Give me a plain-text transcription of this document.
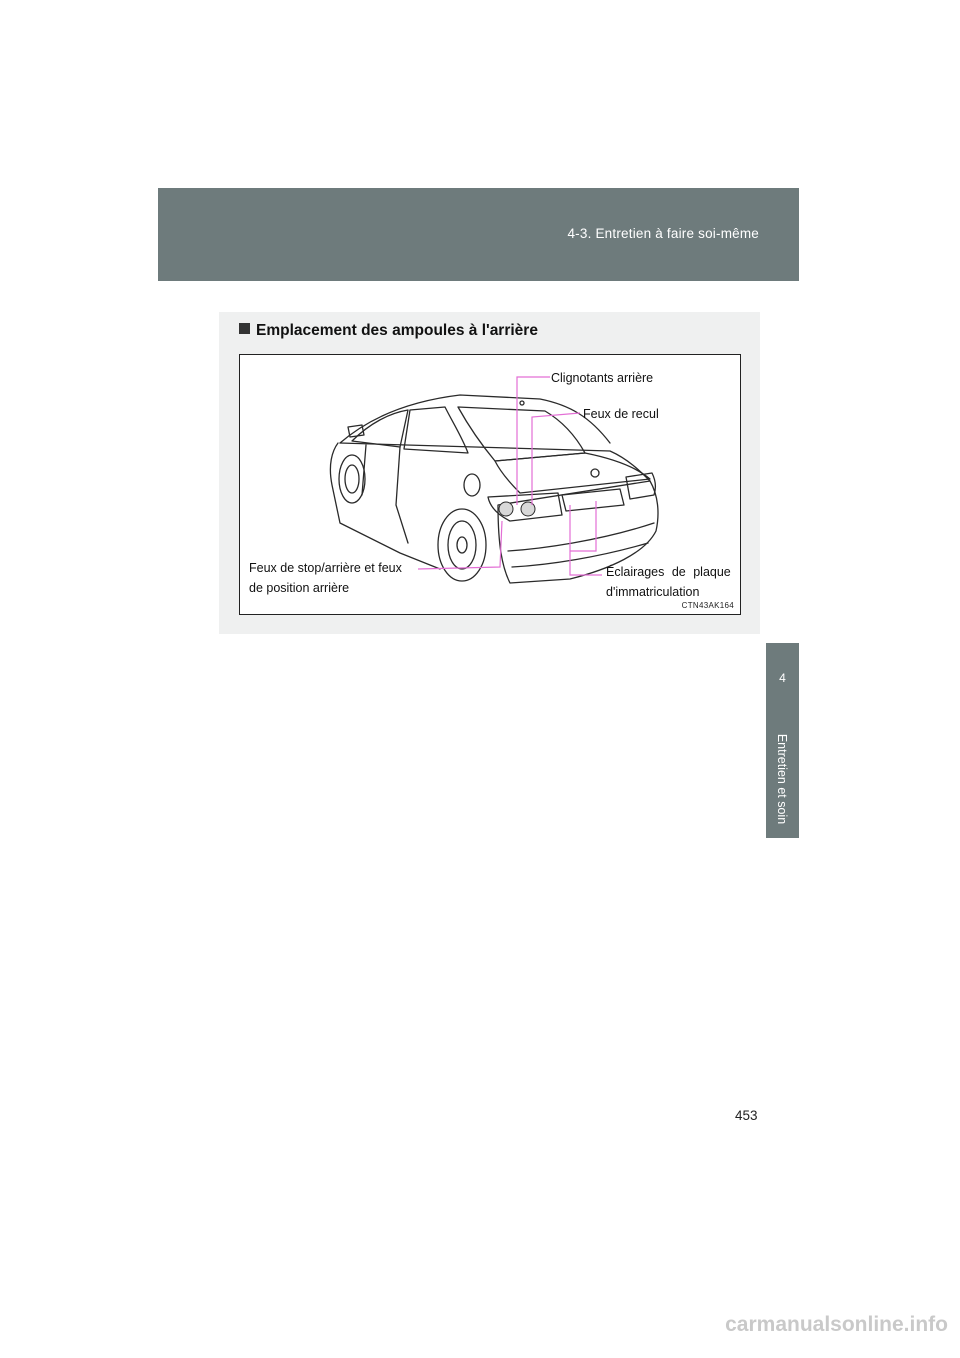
4-3. Entretien à faire soi-même
4
Entretien et soin
Emplacement des ampoules à l'arrière
Clignotants arrière
Feux de recul
Feux de stop/arrière et feux
de position arrière
Éclairages de plaque
d'immatriculation
CTN43AK164
453
carmanualsonline.info
